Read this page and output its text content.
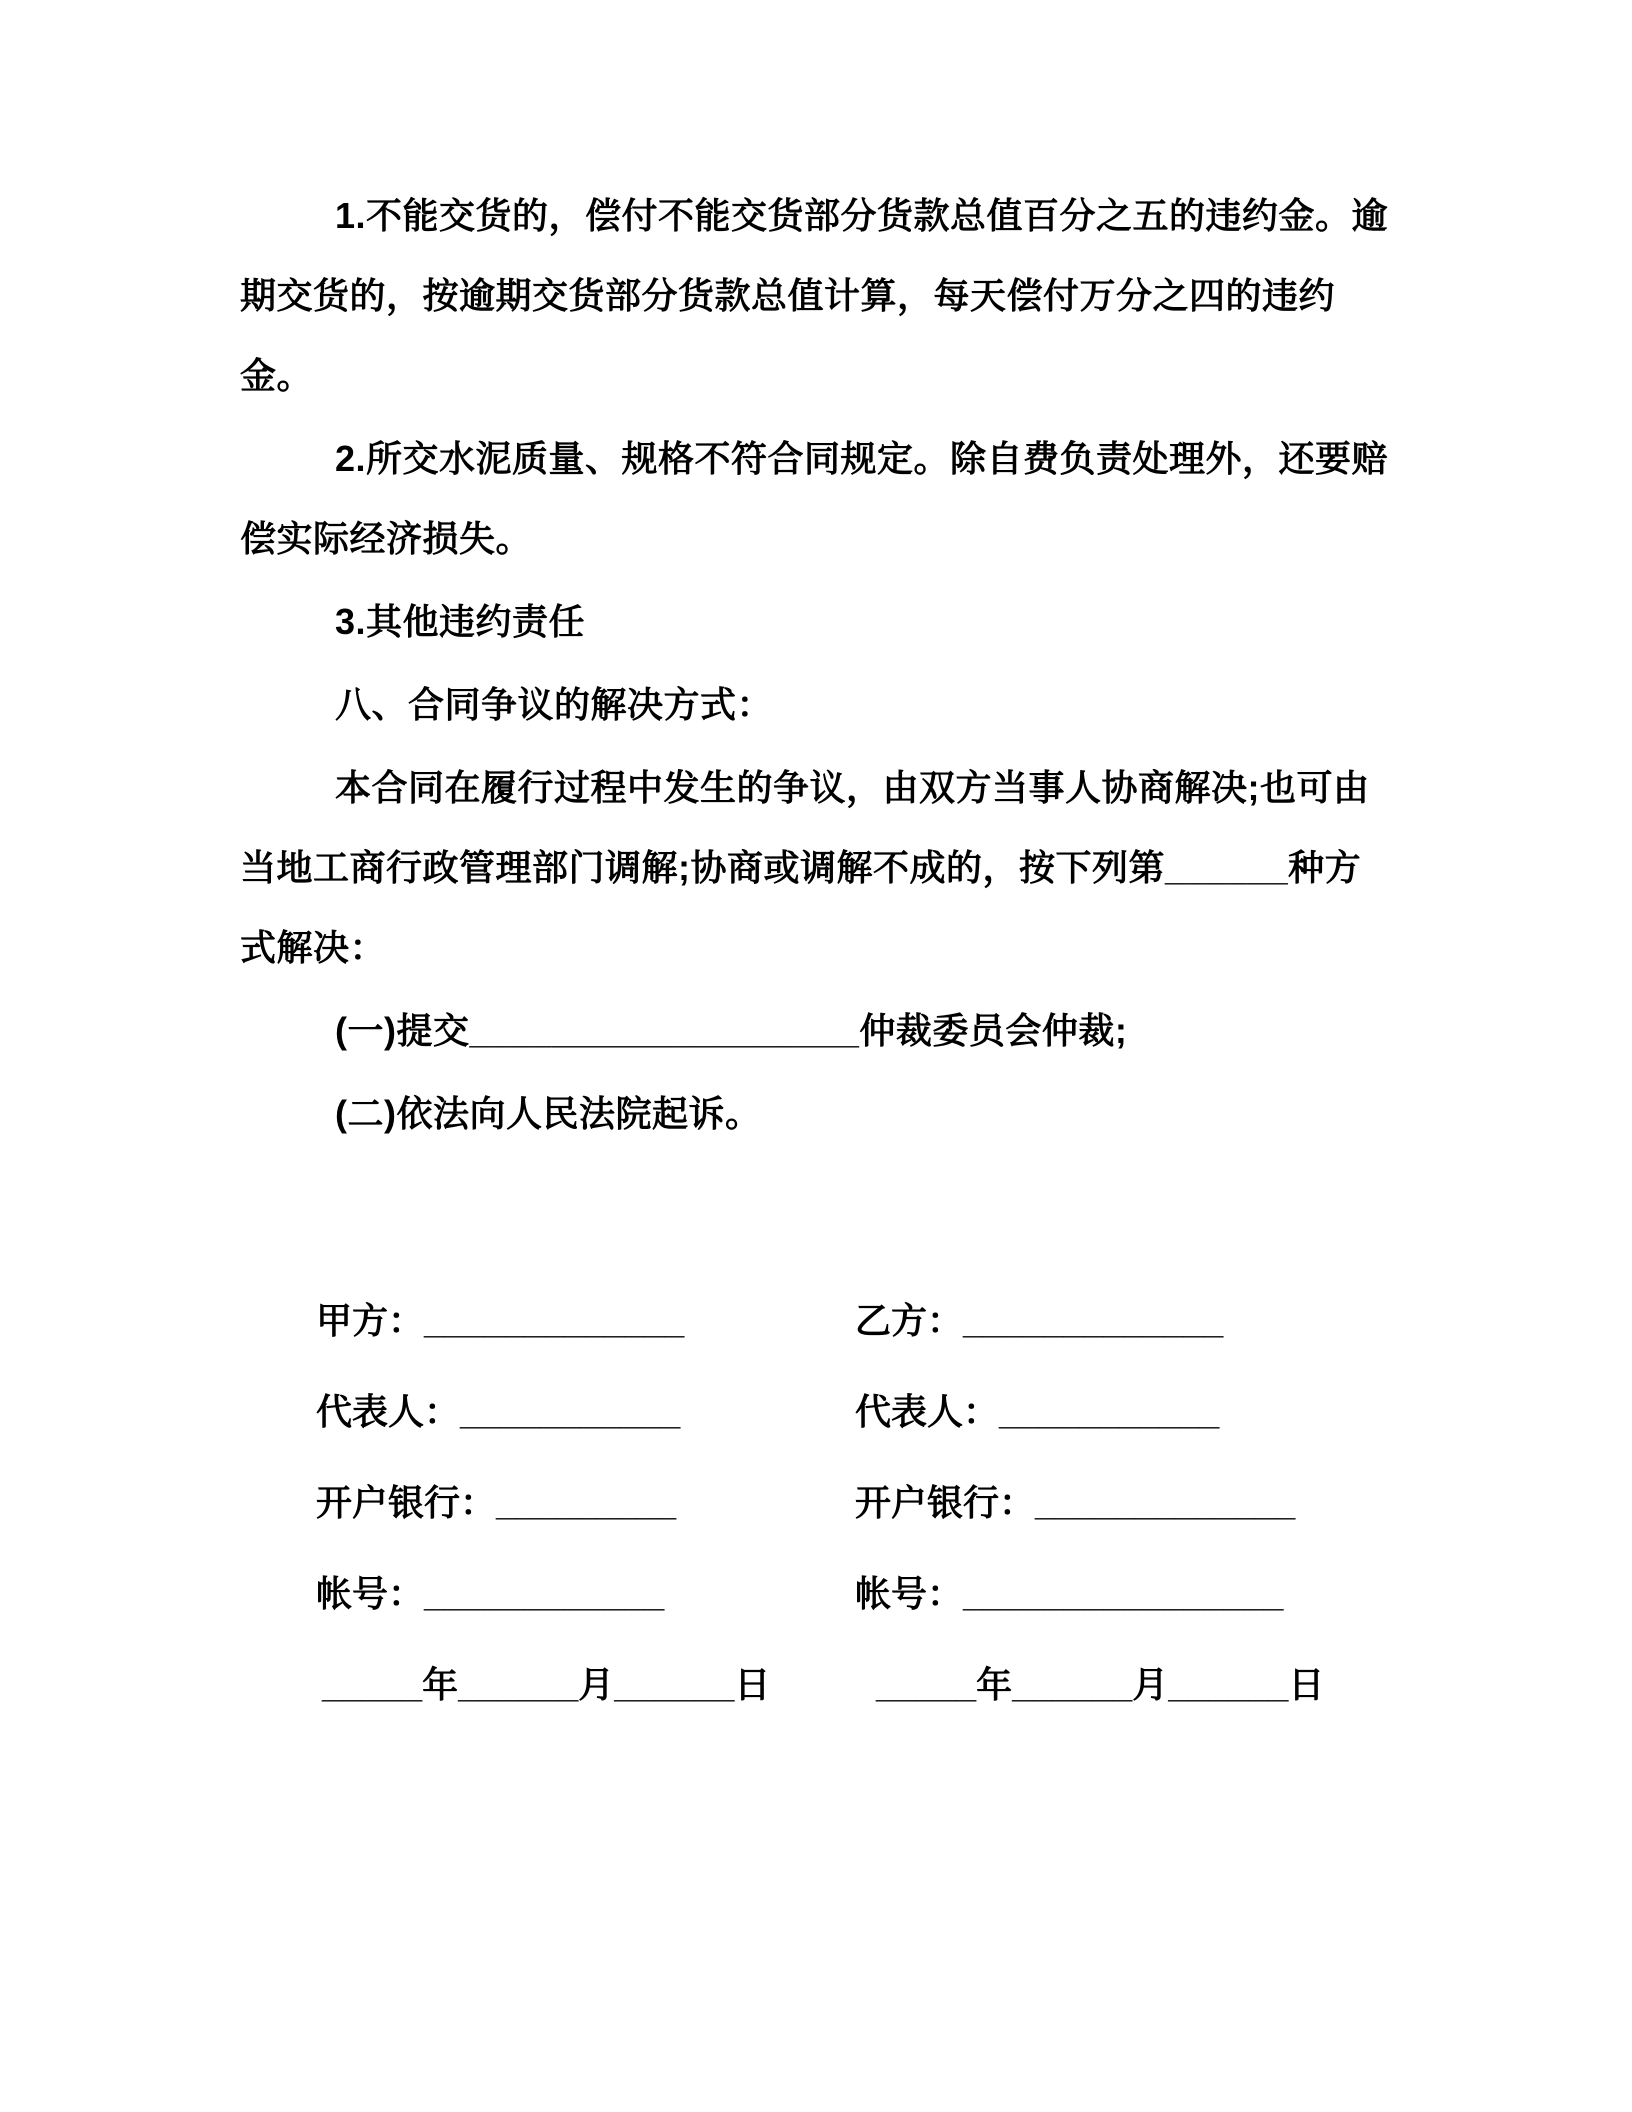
1.不能交货的，偿付不能交货部分货款总值百分之五的违约金。逾期交货的，按逾期交货部分货款总值计算，每天偿付万分之四的违约金。

2.所交水泥质量、规格不符合同规定。除自费负责处理外，还要赔偿实际经济损失。

3.其他违约责任

八、合同争议的解决方式：

本合同在履行过程中发生的争议，由双方当事人协商解决;也可由当地工商行政管理部门调解;协商或调解不成的，按下列第______种方式解决：

(一)提交___________________仲裁委员会仲裁;

(二)依法向人民法院起诉。

甲方：_____________	乙方：_____________
代表人：___________	代表人：___________
开户银行：_________	开户银行：_____________
帐号：____________	帐号：________________
_____年______月______日	_____年______月______日
